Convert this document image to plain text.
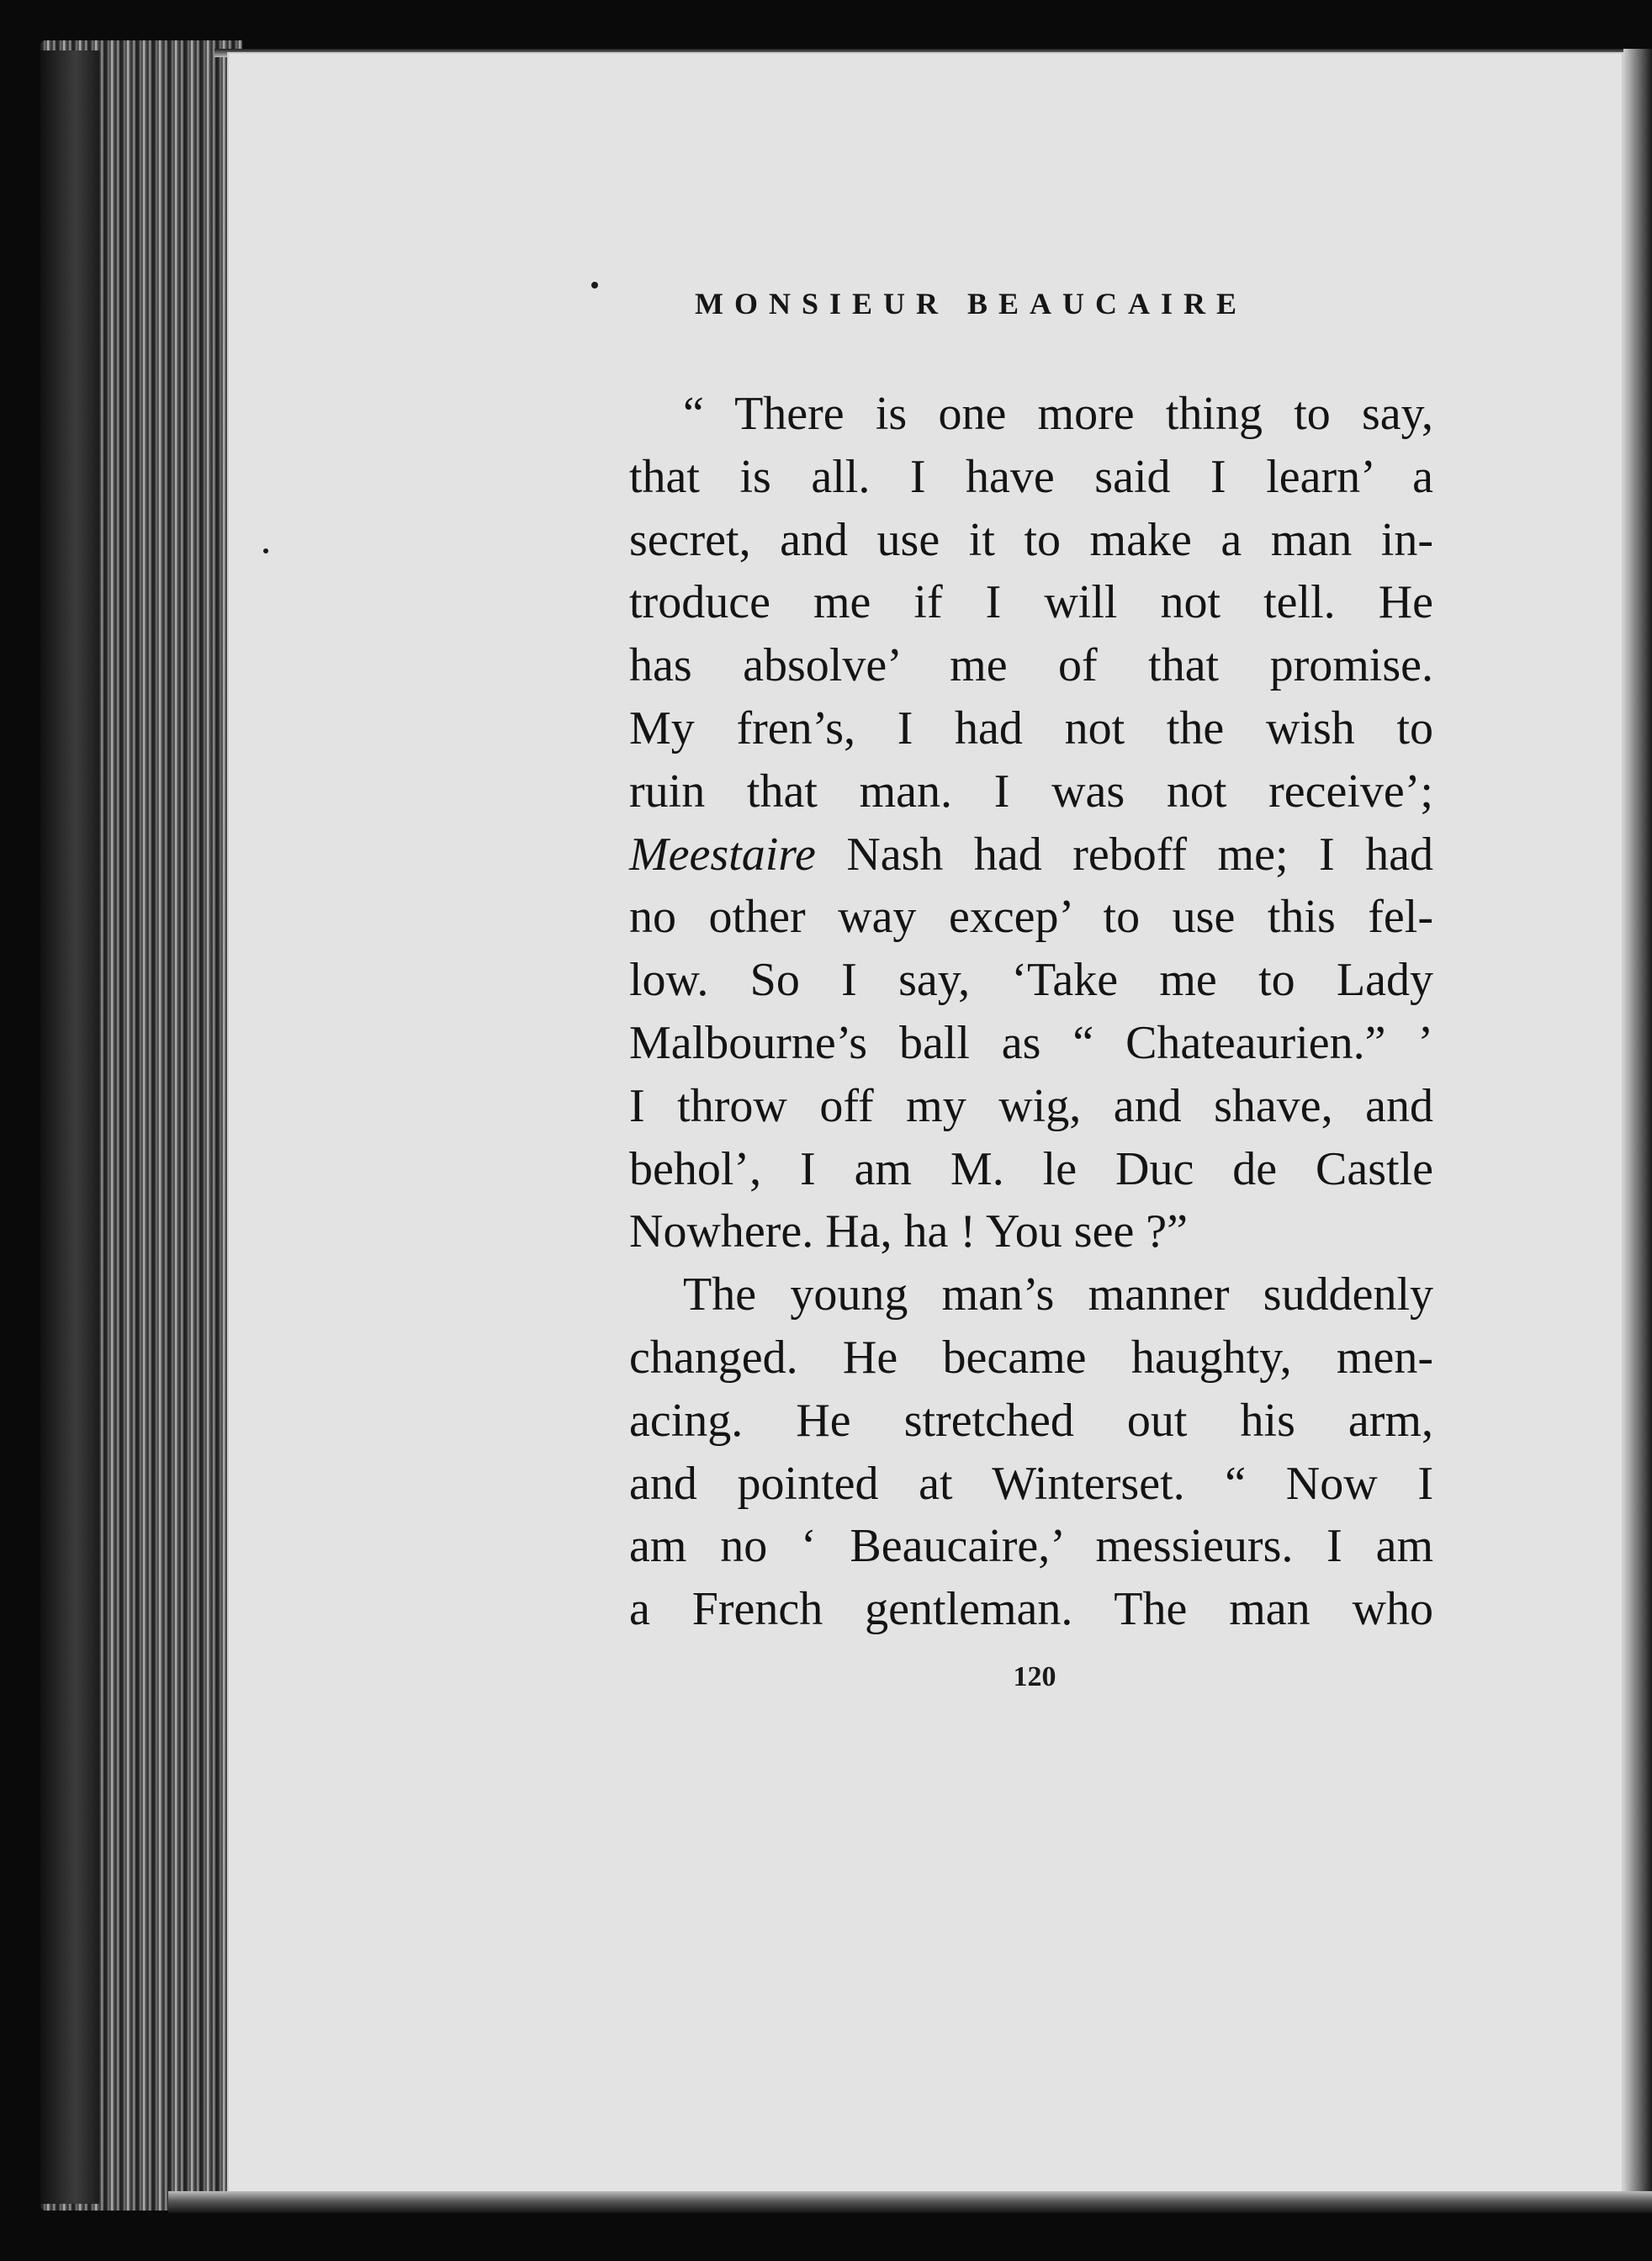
MONSIEUR BEAUCAIRE
“ There is one more thing to say,
that is all. I have said I learn’ a
secret, and use it to make a man in-
troduce me if I will not tell. He
has absolve’ me of that promise.
My fren’s, I had not the wish to
ruin that man. I was not receive’;
Meestaire Nash had reboff me; I had
no other way excep’ to use this fel-
low. So I say, ‘Take me to Lady
Malbourne’s ball as “ Chateaurien.” ’
I throw off my wig, and shave, and
behol’, I am M. le Duc de Castle
Nowhere. Ha, ha ! You see ?”
The young man’s manner suddenly
changed. He became haughty, men-
acing. He stretched out his arm,
and pointed at Winterset. “ Now I
am no ‘ Beaucaire,’ messieurs. I am
a French gentleman. The man who
120
